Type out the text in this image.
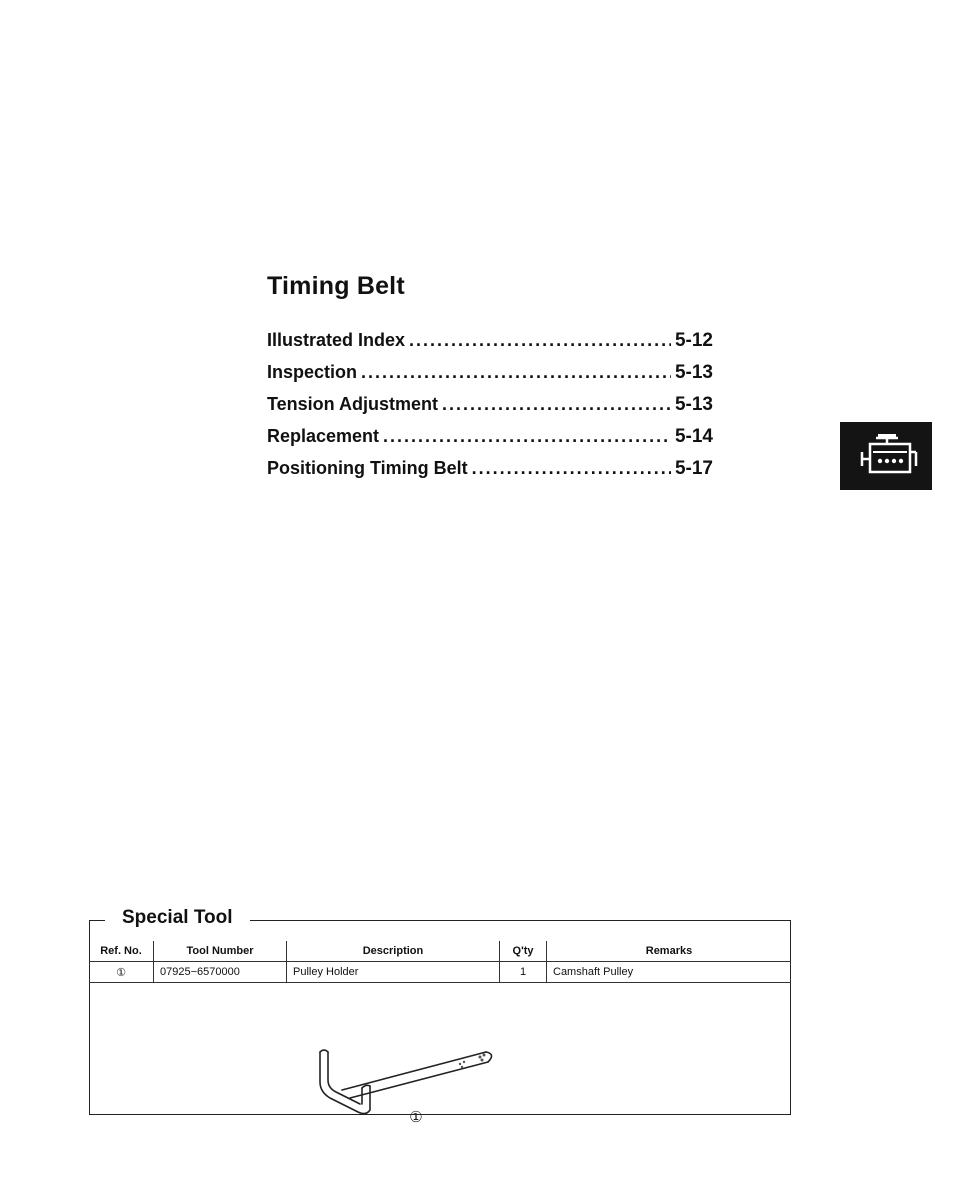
Timing Belt
Illustrated Index .....	5-12
Inspection .....	5-13
Tension Adjustment .....	5-13
Replacement .....	5-14
Positioning Timing Belt .....	5-17
Special Tool
Ref. No.	Tool Number	Description	Q'ty	Remarks
①	07925−6570000	Pulley Holder	1	Camshaft Pulley
①
